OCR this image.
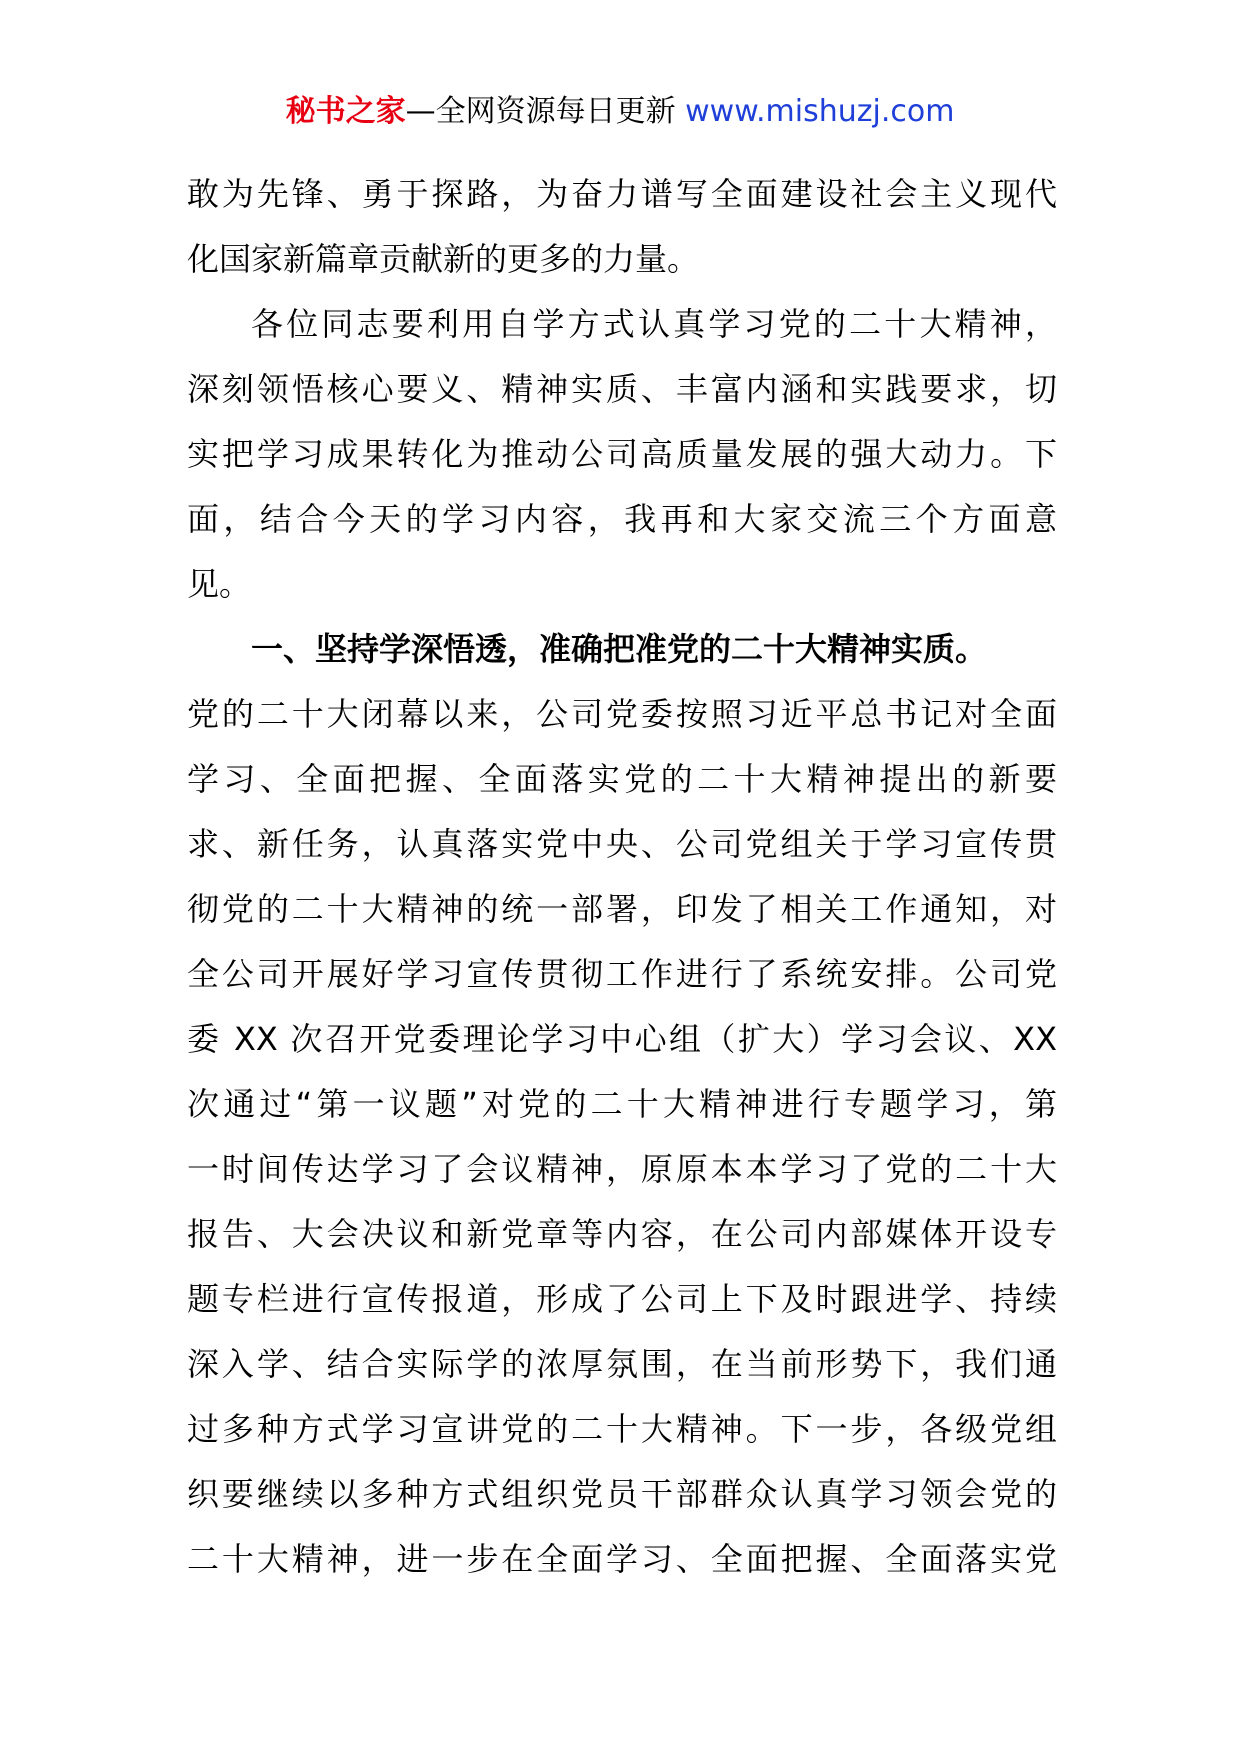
秘书之家—全网资源每日更新 www.mishuzj.com
敢为先锋、勇于探路，为奋力谱写全面建设社会主义现代
化国家新篇章贡献新的更多的力量。
各位同志要利用自学方式认真学习党的二十大精神，
深刻领悟核心要义、精神实质、丰富内涵和实践要求，切
实把学习成果转化为推动公司高质量发展的强大动力。下
面，结合今天的学习内容，我再和大家交流三个方面意
见。
一、坚持学深悟透，准确把准党的二十大精神实质。
党的二十大闭幕以来，公司党委按照习近平总书记对全面
学习、全面把握、全面落实党的二十大精神提出的新要
求、新任务，认真落实党中央、公司党组关于学习宣传贯
彻党的二十大精神的统一部署，印发了相关工作通知，对
全公司开展好学习宣传贯彻工作进行了系统安排。公司党
委 XX 次召开党委理论学习中心组（扩大）学习会议、XX
次通过“第一议题”对党的二十大精神进行专题学习，第
一时间传达学习了会议精神，原原本本学习了党的二十大
报告、大会决议和新党章等内容，在公司内部媒体开设专
题专栏进行宣传报道，形成了公司上下及时跟进学、持续
深入学、结合实际学的浓厚氛围，在当前形势下，我们通
过多种方式学习宣讲党的二十大精神。下一步，各级党组
织要继续以多种方式组织党员干部群众认真学习领会党的
二十大精神，进一步在全面学习、全面把握、全面落实党
